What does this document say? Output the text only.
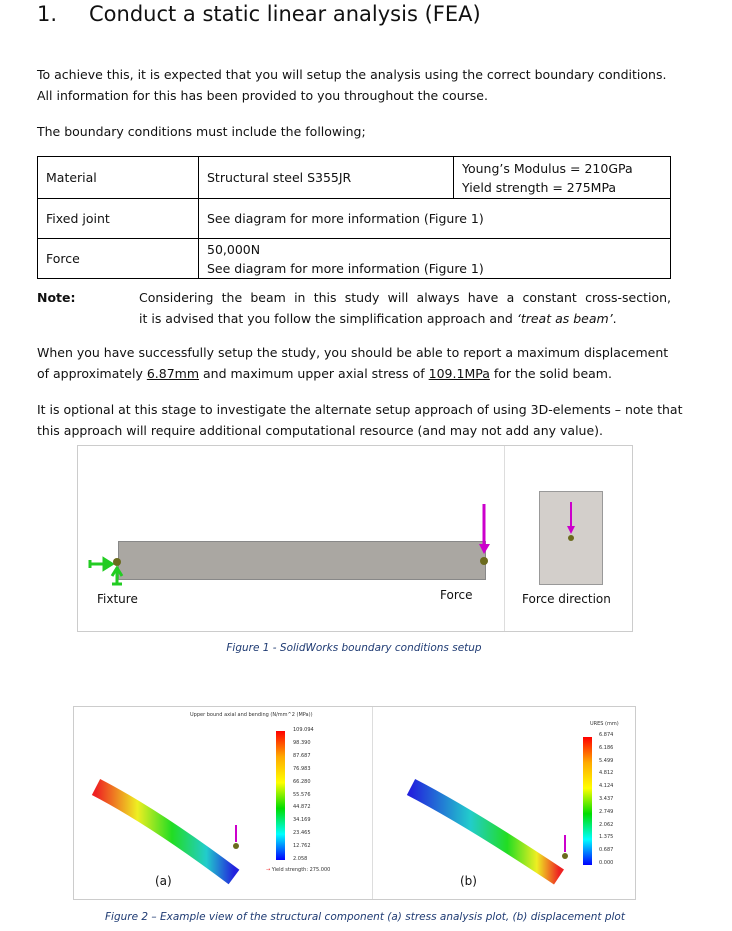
1. Conduct a static linear analysis (FEA)
To achieve this, it is expected that you will setup the analysis using the correct boundary conditions.
All information for this has been provided to you throughout the course.
The boundary conditions must include the following;
Material	Structural steel S355JR	Young’s Modulus = 210GPa
Yield strength = 275MPa

Fixed joint	See diagram for more information (Figure 1)	
Force	50,000N
See diagram for more information (Figure 1)	
Note:	Considering the beam in this study will always have a constant cross-section,
it is advised that you follow the simplification approach and ‘treat as beam’.
When you have successfully setup the study, you should be able to report a maximum displacement
of approximately 6.87mm and maximum upper axial stress of 109.1MPa for the solid beam.
It is optional at this stage to investigate the alternate setup approach of using 3D-elements – note that
this approach will require additional computational resource (and may not add any value).
Fixture	Force	Force direction
Figure 1 - SolidWorks boundary conditions setup
Upper bound axial and bending (N/mm^2 (MPa))
109.094
98.390
87.687
76.983
66.280
55.576
44.872
34.169
23.465
12.762
2.058
→ Yield strength: 275.000
URES (mm)
6.874
6.186
5.499
4.812
4.124
3.437
2.749
2.062
1.375
0.687
0.000
(a)	(b)
Figure 2 – Example view of the structural component (a) stress analysis plot, (b) displacement plot
